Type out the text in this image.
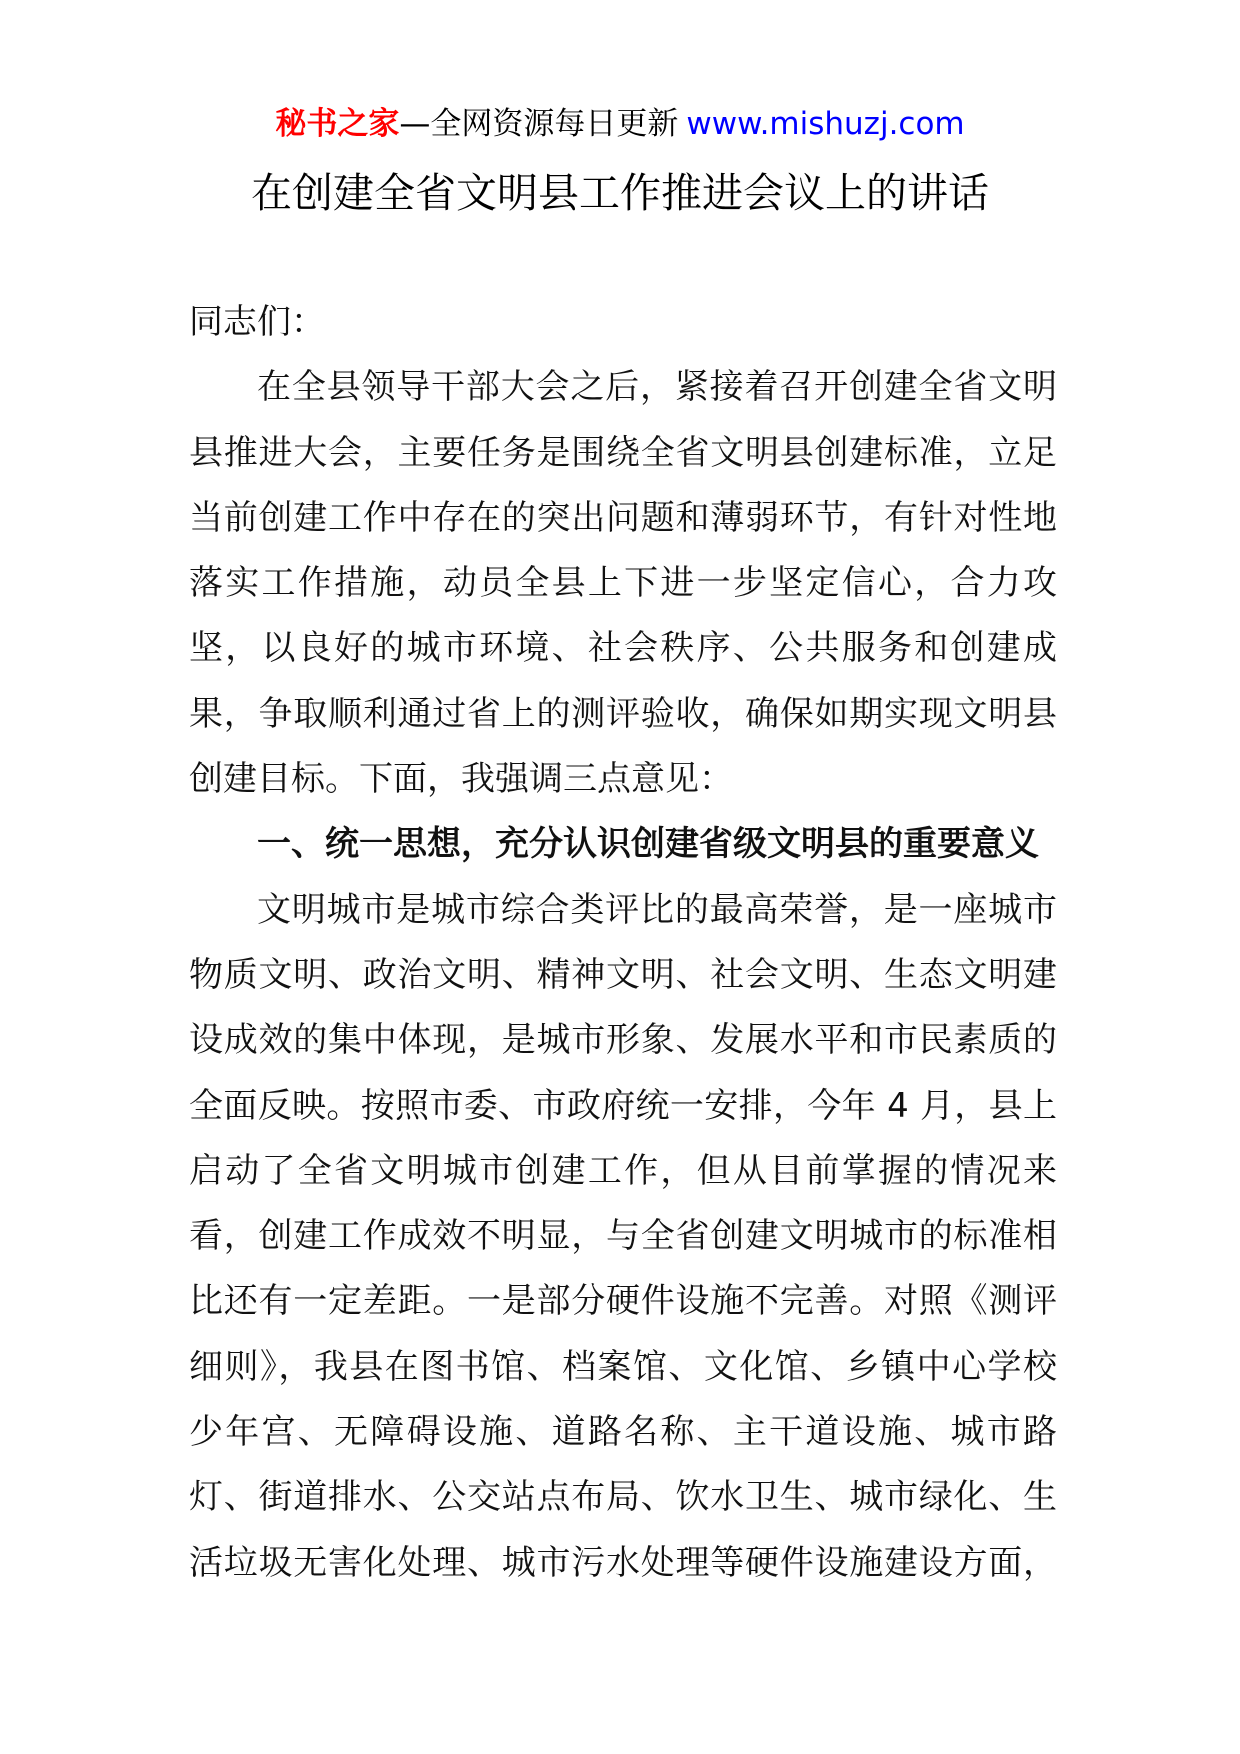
秘书之家—全网资源每日更新 www.mishuzj.com
在创建全省文明县工作推进会议上的讲话
同志们：
在全县领导干部大会之后，紧接着召开创建全省文明
县推进大会，主要任务是围绕全省文明县创建标准，立足
当前创建工作中存在的突出问题和薄弱环节，有针对性地
落实工作措施，动员全县上下进一步坚定信心，合力攻
坚，以良好的城市环境、社会秩序、公共服务和创建成
果，争取顺利通过省上的测评验收，确保如期实现文明县
创建目标。下面，我强调三点意见：
一、统一思想，充分认识创建省级文明县的重要意义
文明城市是城市综合类评比的最高荣誉，是一座城市
物质文明、政治文明、精神文明、社会文明、生态文明建
设成效的集中体现，是城市形象、发展水平和市民素质的
全面反映。按照市委、市政府统一安排，今年 4 月，县上
启动了全省文明城市创建工作，但从目前掌握的情况来
看，创建工作成效不明显，与全省创建文明城市的标准相
比还有一定差距。一是部分硬件设施不完善。对照《测评
细则》，我县在图书馆、档案馆、文化馆、乡镇中心学校
少年宫、无障碍设施、道路名称、主干道设施、城市路
灯、街道排水、公交站点布局、饮水卫生、城市绿化、生
活垃圾无害化处理、城市污水处理等硬件设施建设方面，
